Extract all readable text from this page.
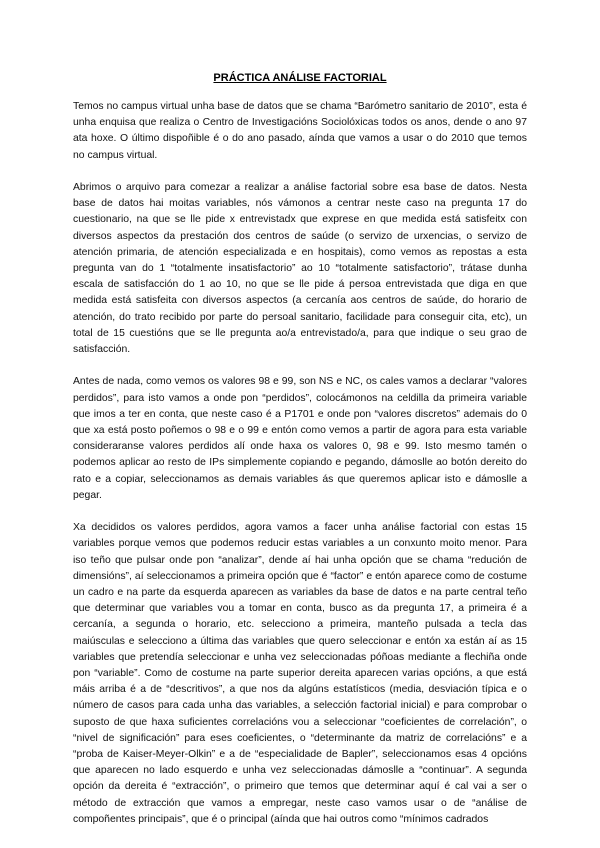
PRÁCTICA ANÁLISE FACTORIAL

Temos no campus virtual unha base de datos que se chama “Barómetro sanitario de 2010”, esta é unha enquisa que realiza o Centro de Investigacións Sociolóxicas todos os anos, dende o ano 97 ata hoxe. O último dispoñible é o do ano pasado, aínda que vamos a usar o do 2010 que temos no campus virtual.

Abrimos o arquivo para comezar a realizar a análise factorial sobre esa base de datos. Nesta base de datos hai moitas variables, nós vámonos a centrar neste caso na pregunta 17 do cuestionario, na que se lle pide x entrevistadx que exprese en que medida está satisfeitx con diversos aspectos da prestación dos centros de saúde (o servizo de urxencias, o servizo de atención primaria, de atención especializada e en hospitais), como vemos as repostas a esta pregunta van do 1 “totalmente insatisfactorio” ao 10 “totalmente satisfactorio”, trátase dunha escala de satisfacción do 1 ao 10, no que se lle pide á persoa entrevistada que diga en que medida está satisfeita con diversos aspectos (a cercanía aos centros de saúde, do horario de atención, do trato recibido por parte do persoal sanitario, facilidade para conseguir cita, etc), un total de 15 cuestións que se lle pregunta ao/a entrevistado/a, para que indique o seu grao de satisfacción.

Antes de nada, como vemos os valores 98 e 99, son NS e NC, os cales vamos a declarar “valores perdidos”, para isto vamos a onde pon “perdidos”, colocámonos na celdilla da primeira variable que imos a ter en conta, que neste caso é a P1701 e onde pon “valores discretos” ademais do 0 que xa está posto poñemos o 98 e o 99 e entón como vemos a partir de agora para esta variable consideraranse valores perdidos alí onde haxa os valores 0, 98 e 99. Isto mesmo tamén o podemos aplicar ao resto de IPs simplemente copiando e pegando, dámoslle ao botón dereito do rato e a copiar, seleccionamos as demais variables ás que queremos aplicar isto e dámoslle a pegar.

Xa decididos os valores perdidos, agora vamos a facer unha análise factorial con estas 15 variables porque vemos que podemos reducir estas variables a un conxunto moito menor. Para iso teño que pulsar onde pon “analizar”, dende aí hai unha opción que se chama “redución de dimensións”, aí seleccionamos a primeira opción que é “factor” e entón aparece como de costume un cadro e na parte da esquerda aparecen as variables da base de datos e na parte central teño que determinar que variables vou a tomar en conta, busco as da pregunta 17, a primeira é a cercanía, a segunda o horario, etc. selecciono a primeira, manteño pulsada a tecla das maiúsculas e selecciono a última das variables que quero seleccionar e entón xa están aí as 15 variables que pretendía seleccionar e unha vez seleccionadas póñoas mediante a flechiña onde pon “variable”. Como de costume na parte superior dereita aparecen varias opcións, a que está máis arriba é a de “descritivos”, a que nos da algúns estatísticos (media, desviación típica e o número de casos para cada unha das variables, a selección factorial inicial) e para comprobar o suposto de que haxa suficientes correlacións vou a seleccionar “coeficientes de correlación”, o “nivel de significación” para eses coeficientes, o “determinante da matriz de correlacións” e a “proba de Kaiser-Meyer-Olkin” e a de “especialidade de Bapler”, seleccionamos esas 4 opcións que aparecen no lado esquerdo e unha vez seleccionadas dámoslle a “continuar”. A segunda opción da dereita é “extracción”, o primeiro que temos que determinar aquí é cal vai a ser o método de extracción que vamos a empregar, neste caso vamos usar o de “análise de compoñentes principais”, que é o principal (aínda que hai outros como “mínimos cadrados
